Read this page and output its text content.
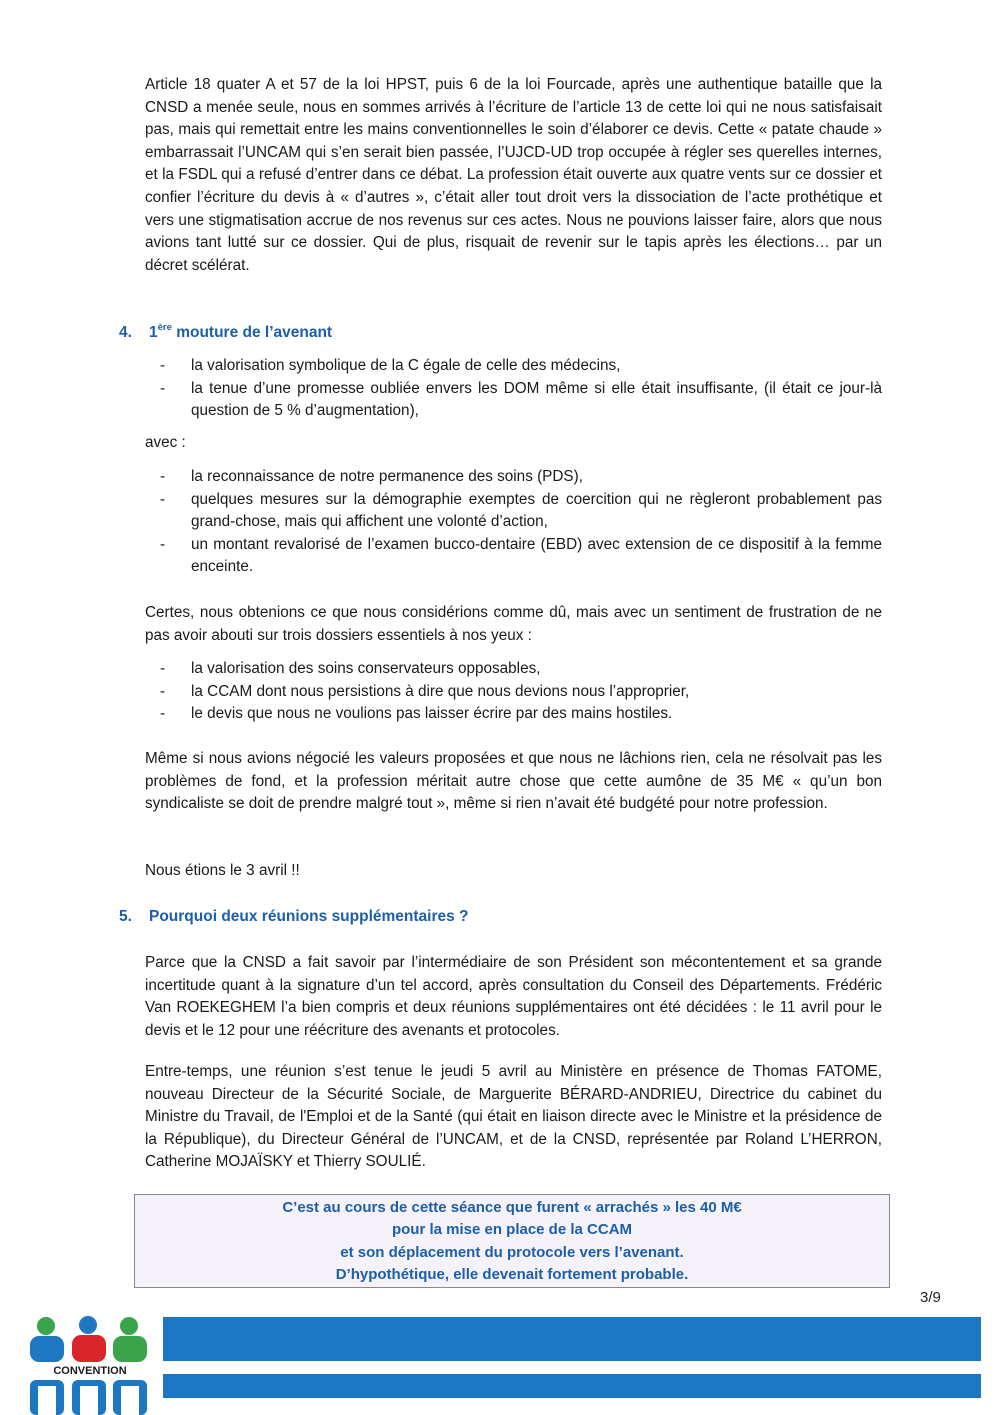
Article 18 quater A et 57 de la loi HPST, puis 6 de la loi Fourcade, après une authentique bataille que la CNSD a menée seule, nous en sommes arrivés à l’écriture de l’article 13 de cette loi qui ne nous satisfaisait pas, mais qui remettait entre les mains conventionnelles le soin d’élaborer ce devis. Cette « patate chaude » embarrassait l’UNCAM qui s’en serait bien passée, l’UJCD-UD trop occupée à régler ses querelles internes, et la FSDL qui a refusé d’entrer dans ce débat. La profession était ouverte aux quatre vents sur ce dossier et confier l’écriture du devis à « d’autres », c’était aller tout droit vers la dissociation de l’acte prothétique et vers une stigmatisation accrue de nos revenus sur ces actes. Nous ne pouvions laisser faire, alors que nous avions tant lutté sur ce dossier. Qui de plus, risquait de revenir sur le tapis après les élections… par un décret scélérat.

4. 1ère mouture de l’avenant
- la valorisation symbolique de la C égale de celle des médecins,
- la tenue d’une promesse oubliée envers les DOM même si elle était insuffisante, (il était ce jour-là question de 5 % d’augmentation),

avec :

- la reconnaissance de notre permanence des soins (PDS),
- quelques mesures sur la démographie exemptes de coercition qui ne règleront probablement pas grand-chose, mais qui affichent une volonté d’action,
- un montant revalorisé de l’examen bucco-dentaire (EBD) avec extension de ce dispositif à la femme enceinte.

Certes, nous obtenions ce que nous considérions comme dû, mais avec un sentiment de frustration de ne pas avoir abouti sur trois dossiers essentiels à nos yeux :

- la valorisation des soins conservateurs opposables,
- la CCAM dont nous persistions à dire que nous devions nous l’approprier,
- le devis que nous ne voulions pas laisser écrire par des mains hostiles.

Même si nous avions négocié les valeurs proposées et que nous ne lâchions rien, cela ne résolvait pas les problèmes de fond, et la profession méritait autre chose que cette aumône de 35 M€ « qu’un bon syndicaliste se doit de prendre malgré tout », même si rien n’avait été budgété pour notre profession.

Nous étions le 3 avril !!

5. Pourquoi deux réunions supplémentaires ?

Parce que la CNSD a fait savoir par l’intermédiaire de son Président son mécontentement et sa grande incertitude quant à la signature d’un tel accord, après consultation du Conseil des Départements. Frédéric Van ROEKEGHEM l’a bien compris et deux réunions supplémentaires ont été décidées : le 11 avril pour le devis et le 12 pour une réécriture des avenants et protocoles.

Entre-temps, une réunion s’est tenue le jeudi 5 avril au Ministère en présence de Thomas FATOME, nouveau Directeur de la Sécurité Sociale, de Marguerite BÉRARD-ANDRIEU, Directrice du cabinet du Ministre du Travail, de l'Emploi et de la Santé (qui était en liaison directe avec le Ministre et la présidence de la République), du Directeur Général de l’UNCAM, et de la CNSD, représentée par Roland L’HERRON, Catherine MOJAÏSKY et Thierry SOULIÉ.

C’est au cours de cette séance que furent « arrachés » les 40 M€
pour la mise en place de la CCAM
et son déplacement du protocole vers l’avenant.
D’hypothétique, elle devenait fortement probable.
3/9
CONVENTION
